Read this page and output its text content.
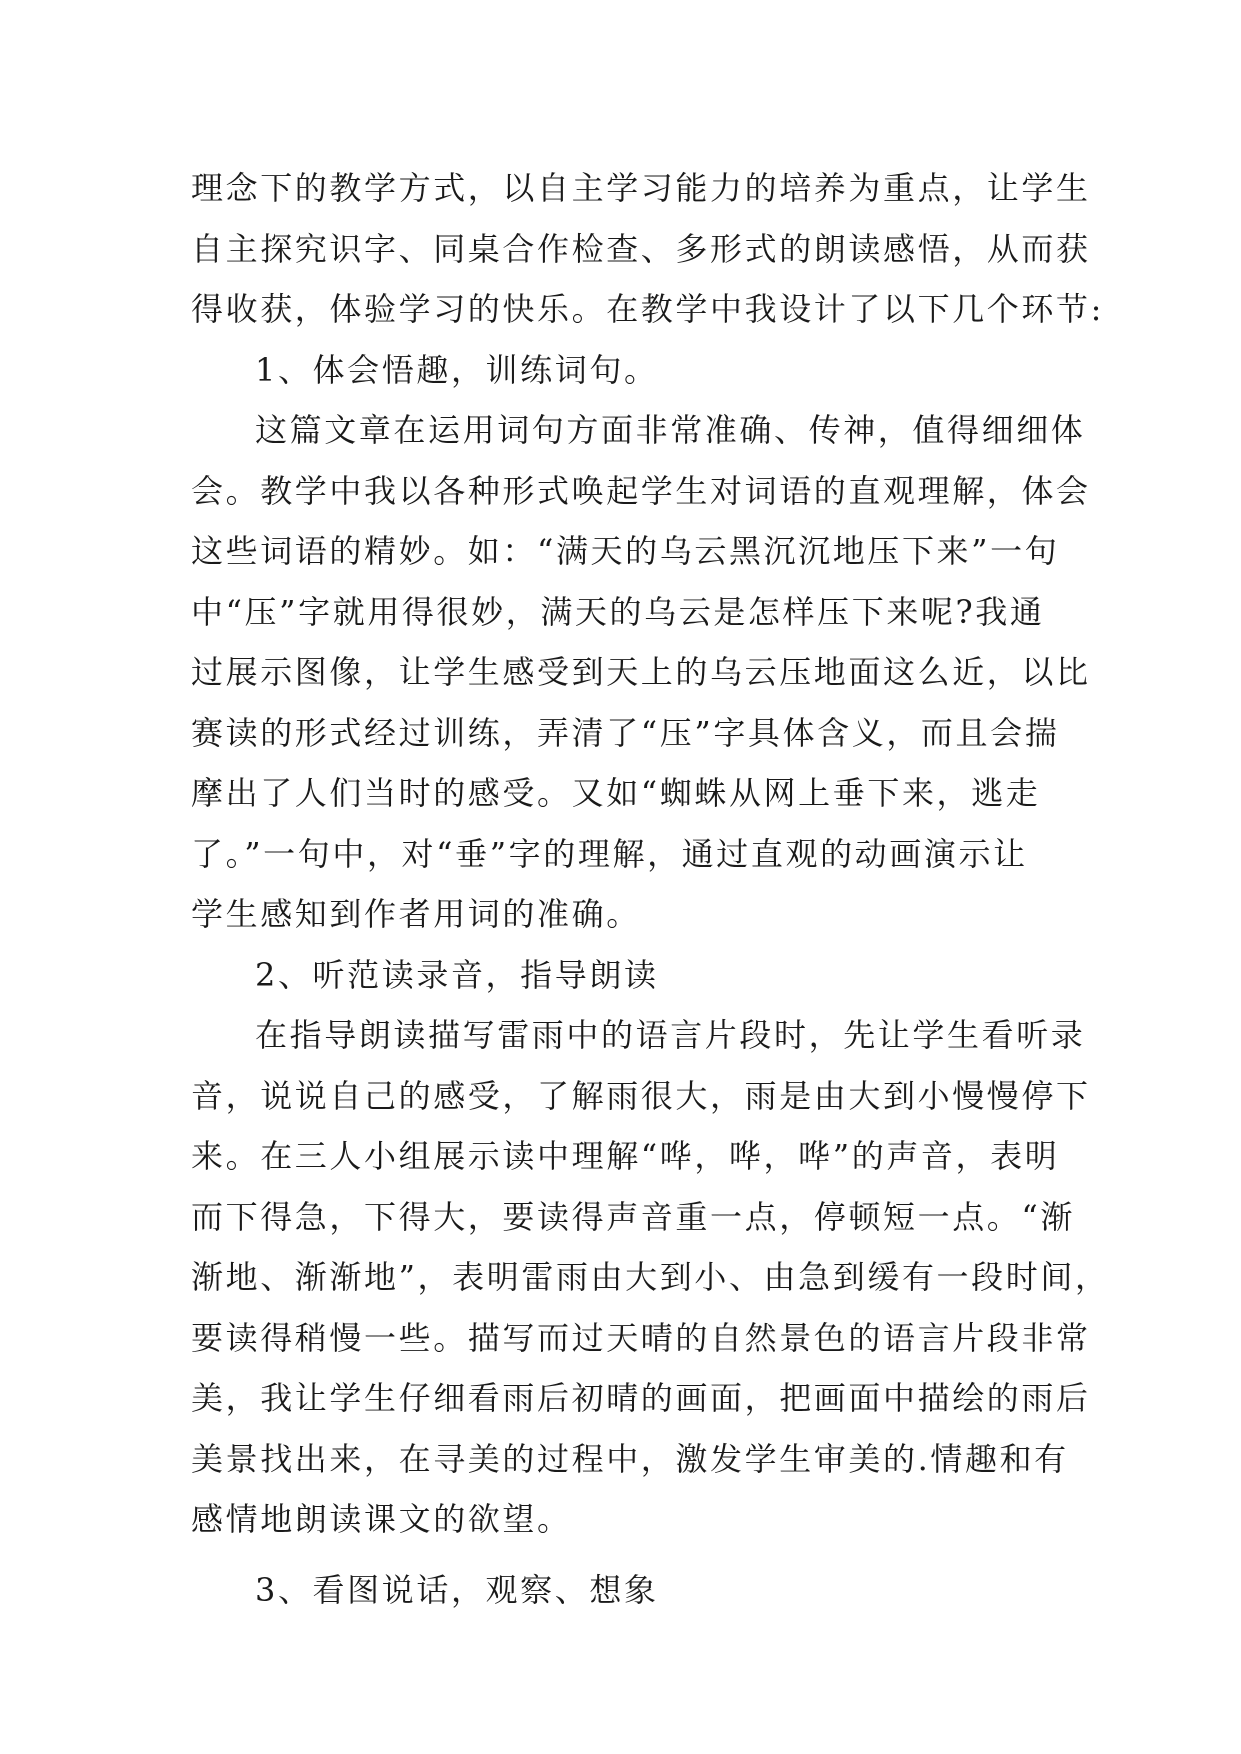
理念下的教学方式，以自主学习能力的培养为重点，让学生
自主探究识字、同桌合作检查、多形式的朗读感悟，从而获
得收获，体验学习的快乐。在教学中我设计了以下几个环节:
1、体会悟趣，训练词句。
这篇文章在运用词句方面非常准确、传神，值得细细体
会。教学中我以各种形式唤起学生对词语的直观理解，体会
这些词语的精妙。如：“满天的乌云黑沉沉地压下来”一句
中“压”字就用得很妙，满天的乌云是怎样压下来呢?我通
过展示图像，让学生感受到天上的乌云压地面这么近，以比
赛读的形式经过训练，弄清了“压”字具体含义，而且会揣
摩出了人们当时的感受。又如“蜘蛛从网上垂下来，逃走
了。”一句中，对“垂”字的理解，通过直观的动画演示让
学生感知到作者用词的准确。
2、听范读录音，指导朗读
在指导朗读描写雷雨中的语言片段时，先让学生看听录
音，说说自己的感受，了解雨很大，雨是由大到小慢慢停下
来。在三人小组展示读中理解“哗，哗，哗”的声音，表明
而下得急，下得大，要读得声音重一点，停顿短一点。“渐
渐地、渐渐地”，表明雷雨由大到小、由急到缓有一段时间，
要读得稍慢一些。描写而过天晴的自然景色的语言片段非常
美，我让学生仔细看雨后初晴的画面，把画面中描绘的雨后
美景找出来，在寻美的过程中，激发学生审美的.情趣和有
感情地朗读课文的欲望。
3、看图说话，观察、想象
